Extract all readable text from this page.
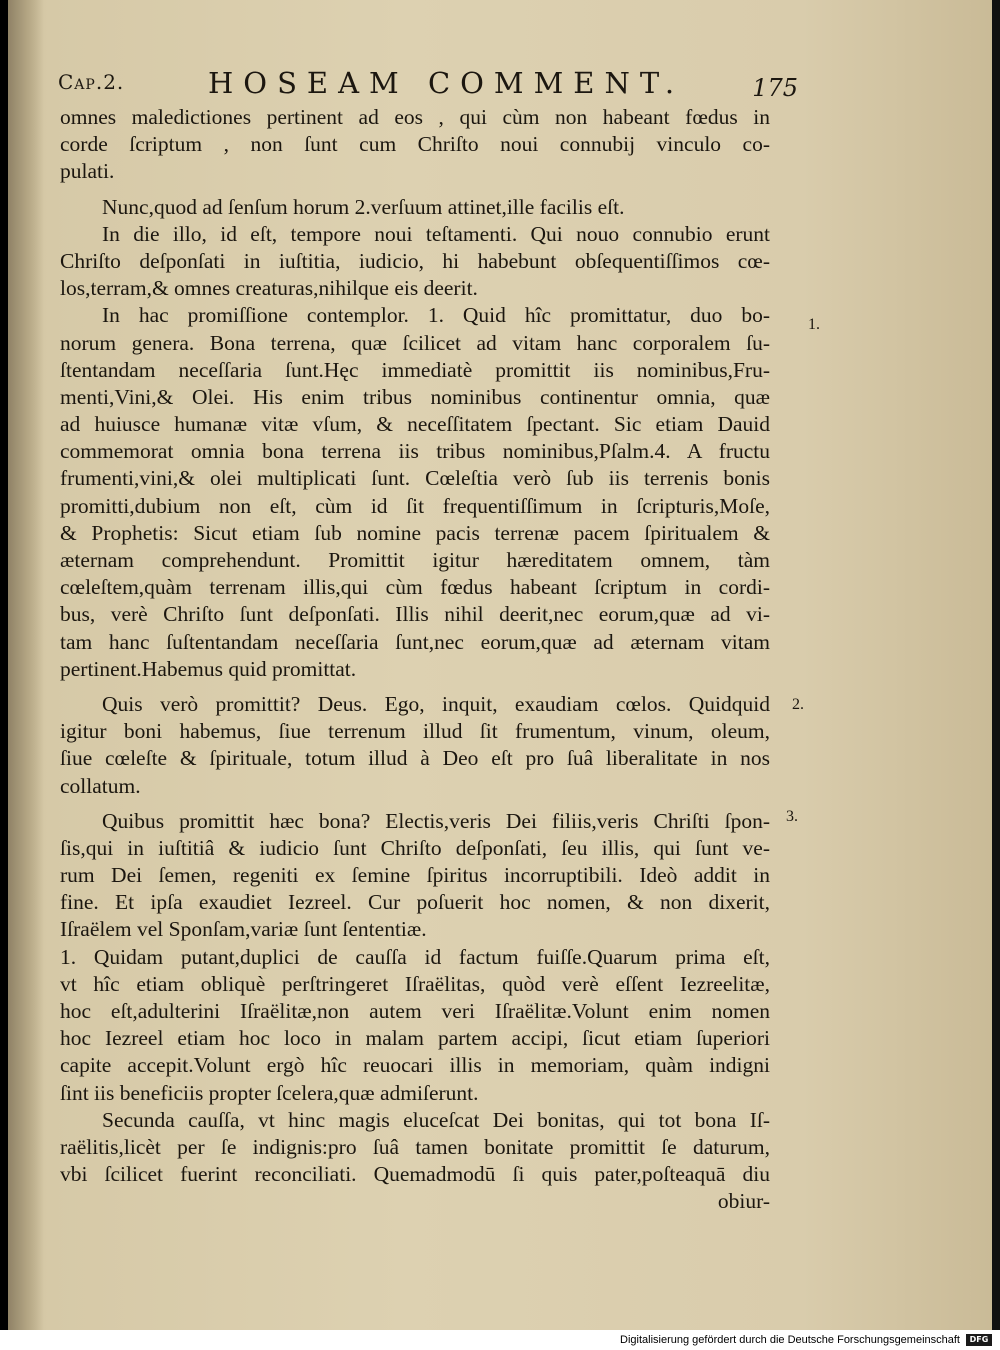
Cap.2.	HOSEAM COMMENT.	175
omnes maledictiones pertinent ad eos , qui cùm non habeant fœdus in
corde ſcriptum , non ſunt cum Chriſto noui connubij vinculo co-
pulati.
Nunc,quod ad ſenſum horum 2.verſuum attinet,ille facilis eſt.
In die illo, id eſt, tempore noui teſtamenti. Qui nouo connubio erunt
Chriſto deſponſati in iuſtitia, iudicio, hi habebunt obſequentiſſimos cœ-
los,terram,& omnes creaturas,nihilque eis deerit.
In hac promiſſione contemplor. 1. Quid hîc promittatur, duo bo-
norum genera. Bona terrena, quæ ſcilicet ad vitam hanc corporalem ſu-
ſtentandam neceſſaria ſunt.Hęc immediatè promittit iis nominibus,Fru-
menti,Vini,& Olei. His enim tribus nominibus continentur omnia, quæ
ad huiusce humanæ vitæ vſum, & neceſſitatem ſpectant. Sic etiam Dauid
commemorat omnia bona terrena iis tribus nominibus,Pſalm.4. A fructu
frumenti,vini,& olei multiplicati ſunt. Cœleſtia verò ſub iis terrenis bonis
promitti,dubium non eſt, cùm id ſit frequentiſſimum in ſcripturis,Moſe,
& Prophetis: Sicut etiam ſub nomine pacis terrenæ pacem ſpiritualem &
æternam comprehendunt. Promittit igitur hæreditatem omnem, tàm
cœleſtem,quàm terrenam illis,qui cùm fœdus habeant ſcriptum in cordi-
bus, verè Chriſto ſunt deſponſati. Illis nihil deerit,nec eorum,quæ ad vi-
tam hanc ſuſtentandam neceſſaria ſunt,nec eorum,quæ ad æternam vitam
pertinent.Habemus quid promittat.
Quis verò promittit? Deus. Ego, inquit, exaudiam cœlos. Quidquid
igitur boni habemus, ſiue terrenum illud ſit frumentum, vinum, oleum,
ſiue cœleſte & ſpirituale, totum illud à Deo eſt pro ſuâ liberalitate in nos
collatum.
Quibus promittit hæc bona? Electis,veris Dei filiis,veris Chriſti ſpon-
ſis,qui in iuſtitiâ & iudicio ſunt Chriſto deſponſati, ſeu illis, qui ſunt ve-
rum Dei ſemen, regeniti ex ſemine ſpiritus incorruptibili. Ideò addit in
fine. Et ipſa exaudiet Iezreel. Cur poſuerit hoc nomen, & non dixerit,
Iſraëlem vel Sponſam,variæ ſunt ſententiæ.
1. Quidam putant,duplici de cauſſa id factum fuiſſe.Quarum prima eſt,
vt hîc etiam obliquè perſtringeret Iſraëlitas, quòd verè eſſent Iezreelitæ,
hoc eſt,adulterini Iſraëlitæ,non autem veri Iſraëlitæ.Volunt enim nomen
hoc Iezreel etiam hoc loco in malam partem accipi, ſicut etiam ſuperiori
capite accepit.Volunt ergò hîc reuocari illis in memoriam, quàm indigni
ſint iis beneficiis propter ſcelera,quæ admiſerunt.
Secunda cauſſa, vt hinc magis eluceſcat Dei bonitas, qui tot bona Iſ-
raëlitis,licèt per ſe indignis:pro ſuâ tamen bonitate promittit ſe daturum,
vbi ſcilicet fuerint reconciliati. Quemadmodū ſi quis pater,poſteaquā diu
obiur-
1.
2.
3.
Digitalisierung gefördert durch die Deutsche Forschungsgemeinschaft	DFG
